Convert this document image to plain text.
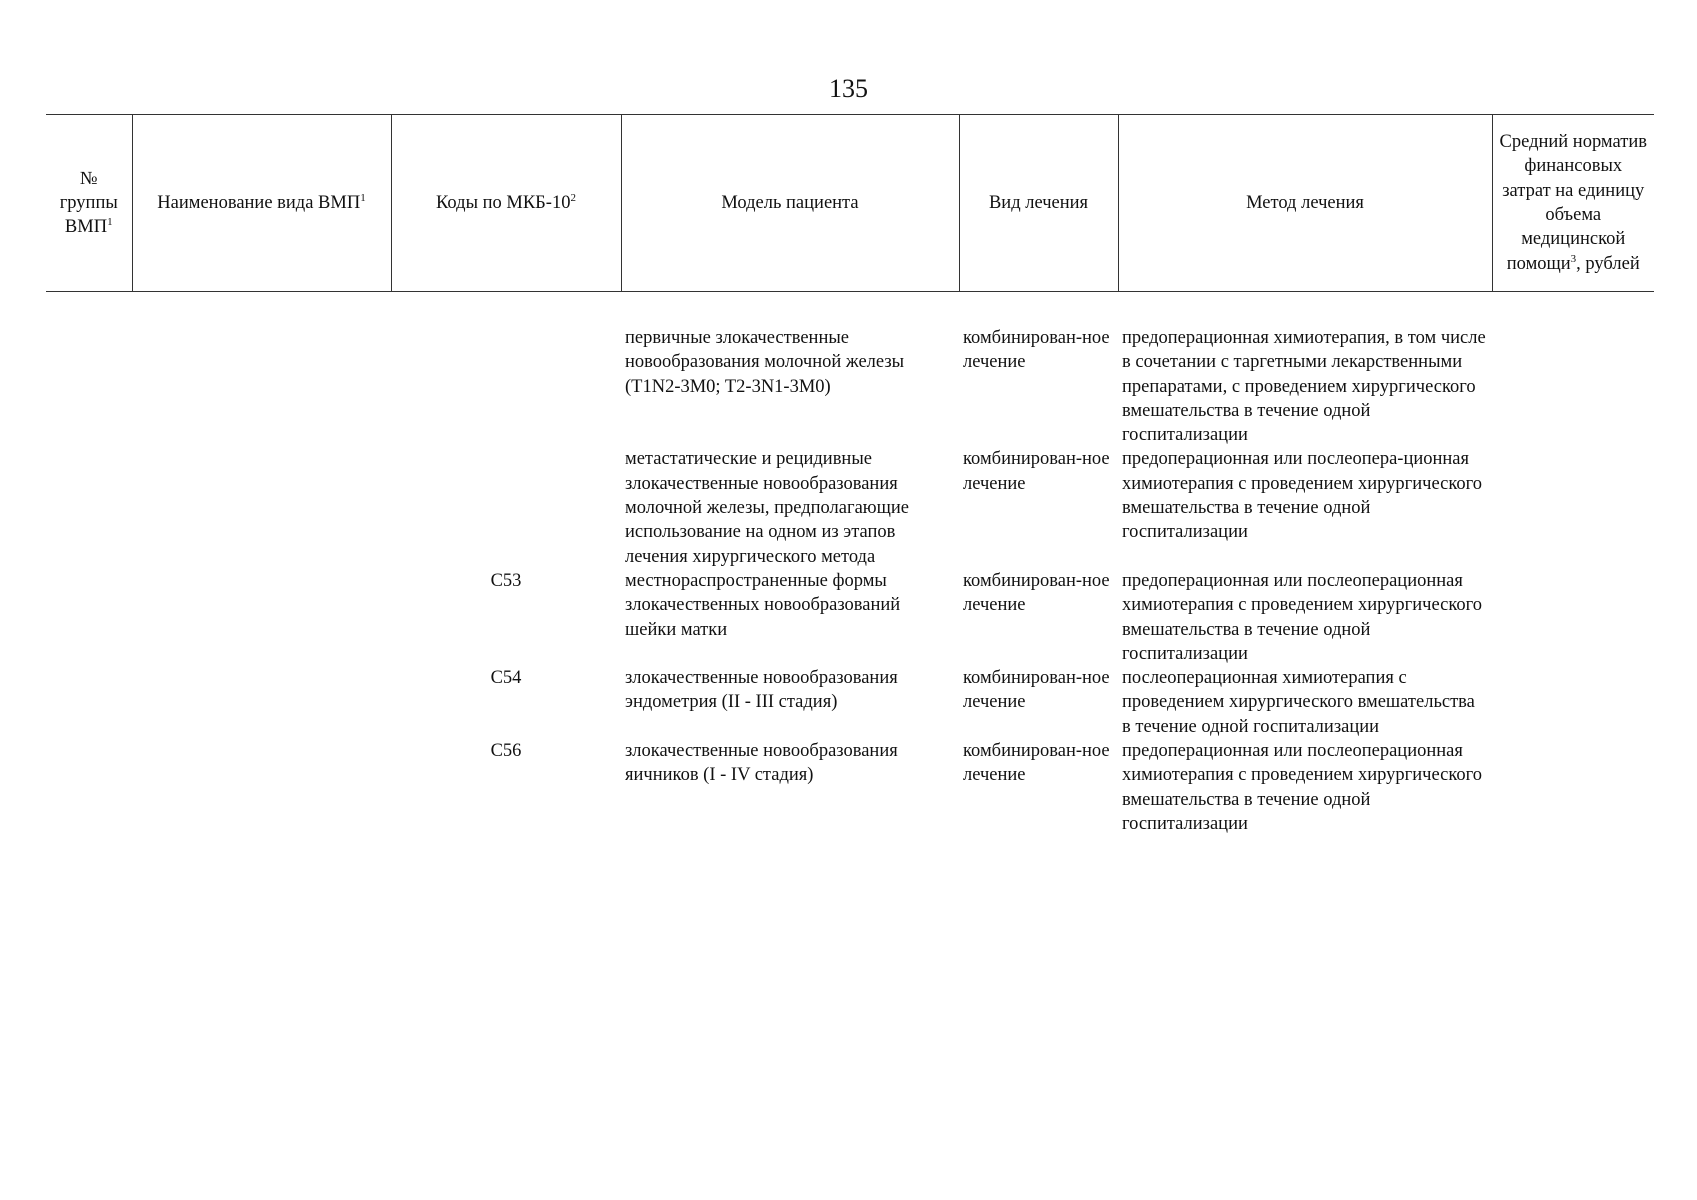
135
№ группы ВМП$^1$	Наименование вида ВМП$^1$	Коды по МКБ-$10^2$	Модель пациента	Вид лечения	Метод лечения	Средний норматив финансовых затрат на единицу объема медицинской помощи$^3$, рублей

			первичные злокачественные новообразования молочной железы (T1N2-3M0; T2-3N1-3M0)	комбинирован-ное лечение	предоперационная химиотерапия, в том числе в сочетании с таргетными лекарственными препаратами, с проведением хирургического вмешательства в течение одной госпитализации	
			метастатические и рецидивные злокачественные новообразования молочной железы, предполагающие использование на одном из этапов лечения хирургического метода	комбинирован-ное лечение	предоперационная или послеопера-ционная химиотерапия с проведением хирургического вмешательства в течение одной госпитализации	
		C53	местнораспространенные формы злокачественных новообразований шейки матки	комбинирован-ное лечение	предоперационная или послеоперационная химиотерапия с проведением хирургического вмешательства в течение одной госпитализации	
		C54	злокачественные новообразования эндометрия (II - III стадия)	комбинирован-ное лечение	послеоперационная химиотерапия с проведением хирургического вмешательства в течение одной госпитализации	
		C56	злокачественные новообразования яичников (I - IV стадия)	комбинирован-ное лечение	предоперационная или послеоперационная химиотерапия с проведением хирургического вмешательства в течение одной госпитализации	
